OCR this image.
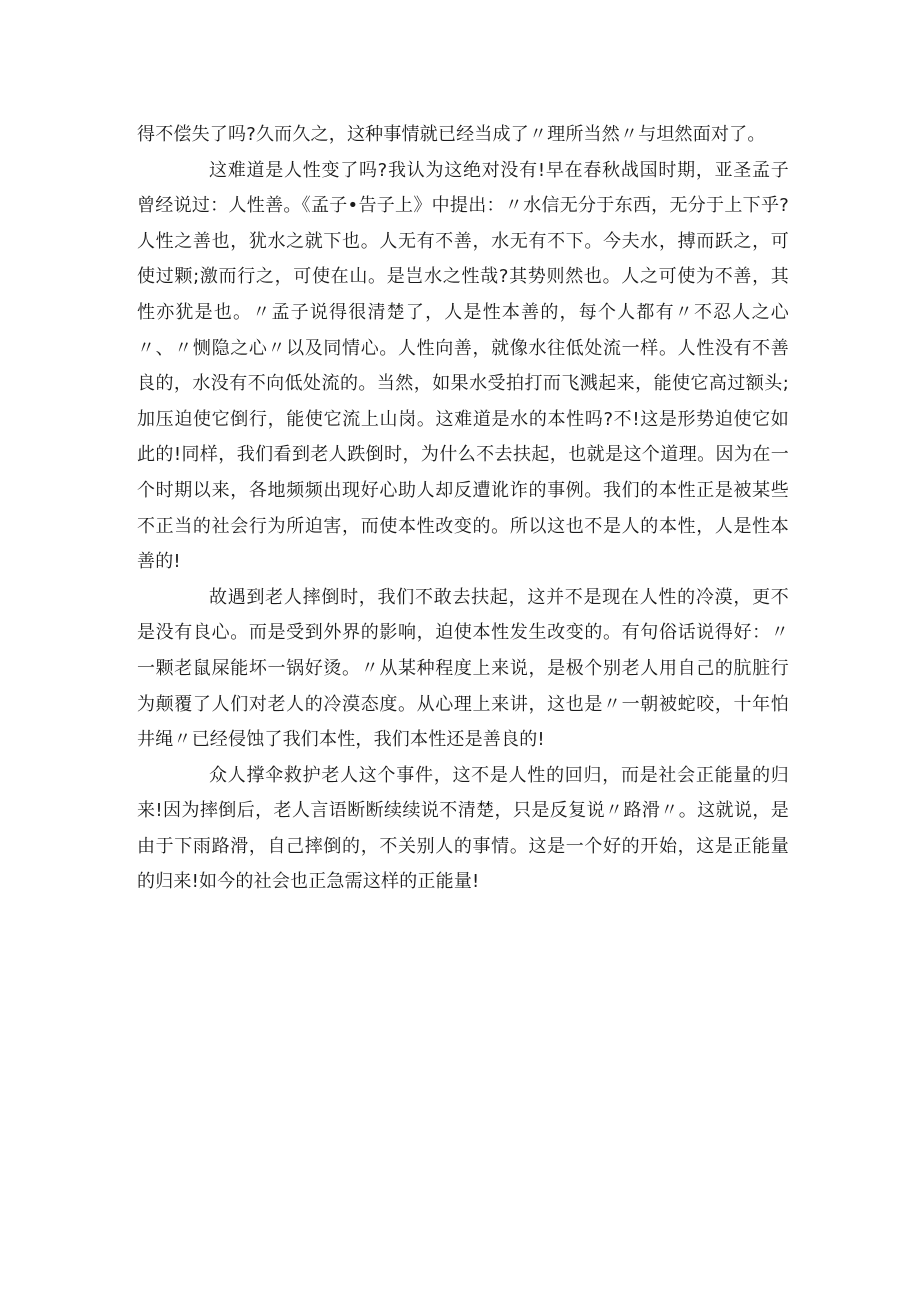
得不偿失了吗?久而久之，这种事情就已经当成了〃理所当然〃与坦然面对了。

这难道是人性变了吗?我认为这绝对没有!早在春秋战国时期，亚圣孟子曾经说过：人性善。《孟子•告子上》中提出：〃水信无分于东西，无分于上下乎?人性之善也，犹水之就下也。人无有不善，水无有不下。今夫水，搏而跃之，可使过颗;激而行之，可使在山。是岂水之性哉?其势则然也。人之可使为不善，其性亦犹是也。〃孟子说得很清楚了，人是性本善的，每个人都有〃不忍人之心〃、〃恻隐之心〃以及同情心。人性向善，就像水往低处流一样。人性没有不善良的，水没有不向低处流的。当然，如果水受拍打而飞溅起来，能使它高过额头;加压迫使它倒行，能使它流上山岗。这难道是水的本性吗?不!这是形势迫使它如此的!同样，我们看到老人跌倒时，为什么不去扶起，也就是这个道理。因为在一个时期以来，各地频频出现好心助人却反遭讹诈的事例。我们的本性正是被某些不正当的社会行为所迫害，而使本性改变的。所以这也不是人的本性，人是性本善的!

故遇到老人摔倒时，我们不敢去扶起，这并不是现在人性的冷漠，更不是没有良心。而是受到外界的影响，迫使本性发生改变的。有句俗话说得好：〃一颗老鼠屎能坏一锅好烫。〃从某种程度上来说，是极个别老人用自己的肮脏行为颠覆了人们对老人的冷漠态度。从心理上来讲，这也是〃一朝被蛇咬，十年怕井绳〃已经侵蚀了我们本性，我们本性还是善良的!

众人撑伞救护老人这个事件，这不是人性的回归，而是社会正能量的归来!因为摔倒后，老人言语断断续续说不清楚，只是反复说〃路滑〃。这就说，是由于下雨路滑，自己摔倒的，不关别人的事情。这是一个好的开始，这是正能量的归来!如今的社会也正急需这样的正能量!
